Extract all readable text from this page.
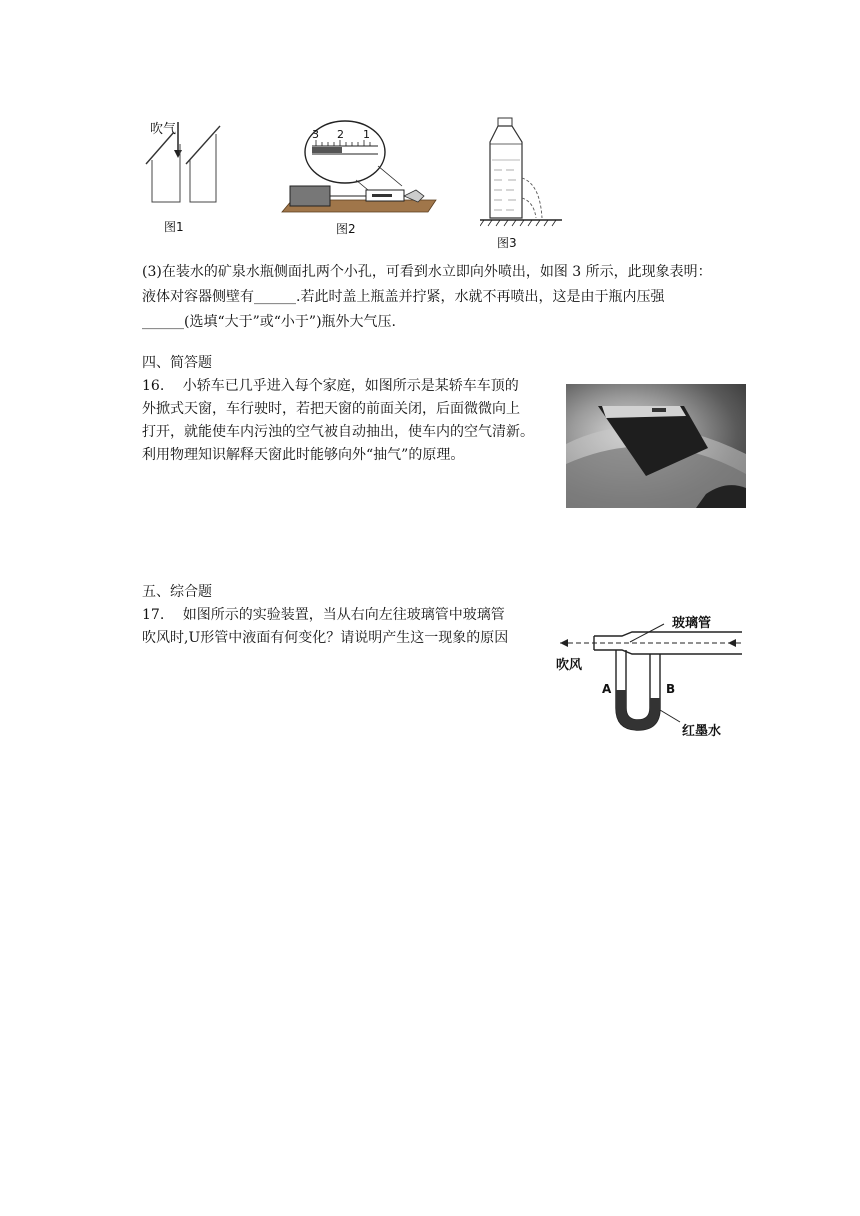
吹气
图1
3 2 1
图2
图3
(3)在装水的矿泉水瓶侧面扎两个小孔，可看到水立即向外喷出，如图 3 所示，此现象表明：
液体对容器侧壁有______.若此时盖上瓶盖并拧紧，水就不再喷出，这是由于瓶内压强
______(选填“大于”或“小于”)瓶外大气压.
四、简答题
16.　 小轿车已几乎进入每个家庭，如图所示是某轿车车顶的
外掀式天窗，车行驶时，若把天窗的前面关闭，后面微微向上
打开，就能使车内污浊的空气被自动抽出，使车内的空气清新。
利用物理知识解释天窗此时能够向外“抽气”的原理。
五、综合题
17.　 如图所示的实验装置，当从右向左往玻璃管中玻璃管
吹风时,U形管中液面有何变化？请说明产生这一现象的原因
玻璃管
吹风
A	B
红墨水
